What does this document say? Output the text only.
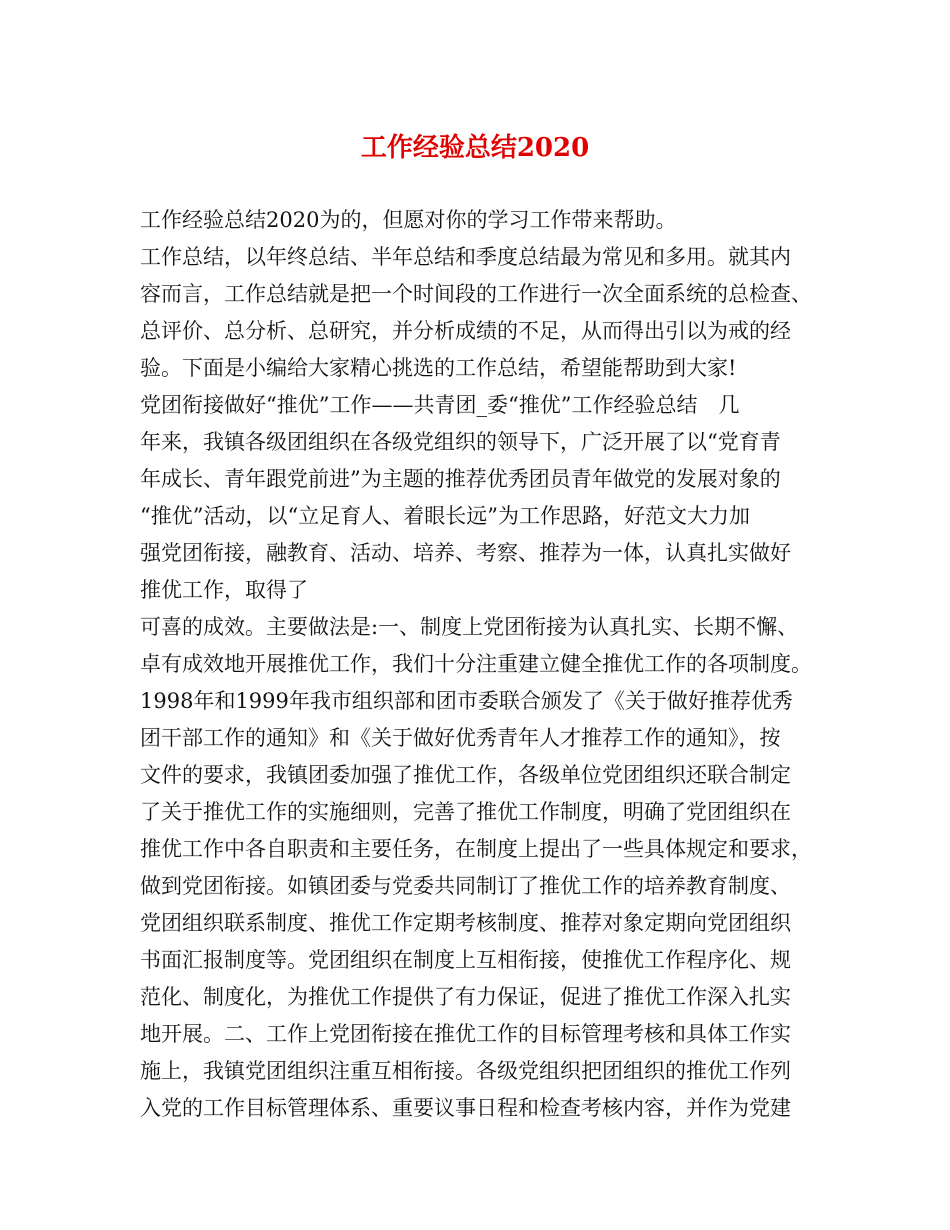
工作经验总结2020
工作经验总结2020为的，但愿对你的学习工作带来帮助。
工作总结，以年终总结、半年总结和季度总结最为常见和多用。就其内
容而言，工作总结就是把一个时间段的工作进行一次全面系统的总检查、
总评价、总分析、总研究，并分析成绩的不足，从而得出引以为戒的经
验。下面是小编给大家精心挑选的工作总结，希望能帮助到大家!
党团衔接做好“推优”工作——共青团_委“推优”工作经验总结　几
年来，我镇各级团组织在各级党组织的领导下，广泛开展了以“党育青
年成长、青年跟党前进”为主题的推荐优秀团员青年做党的发展对象的
“推优”活动，以“立足育人、着眼长远”为工作思路，好范文大力加
强党团衔接，融教育、活动、培养、考察、推荐为一体，认真扎实做好
推优工作，取得了
可喜的成效。主要做法是:一、制度上党团衔接为认真扎实、长期不懈、
卓有成效地开展推优工作，我们十分注重建立健全推优工作的各项制度。
1998年和1999年我市组织部和团市委联合颁发了《关于做好推荐优秀
团干部工作的通知》和《关于做好优秀青年人才推荐工作的通知》，按
文件的要求，我镇团委加强了推优工作，各级单位党团组织还联合制定
了关于推优工作的实施细则，完善了推优工作制度，明确了党团组织在
推优工作中各自职责和主要任务，在制度上提出了一些具体规定和要求，
做到党团衔接。如镇团委与党委共同制订了推优工作的培养教育制度、
党团组织联系制度、推优工作定期考核制度、推荐对象定期向党团组织
书面汇报制度等。党团组织在制度上互相衔接，使推优工作程序化、规
范化、制度化，为推优工作提供了有力保证，促进了推优工作深入扎实
地开展。二、工作上党团衔接在推优工作的目标管理考核和具体工作实
施上，我镇党团组织注重互相衔接。各级党组织把团组织的推优工作列
入党的工作目标管理体系、重要议事日程和检查考核内容，并作为党建
